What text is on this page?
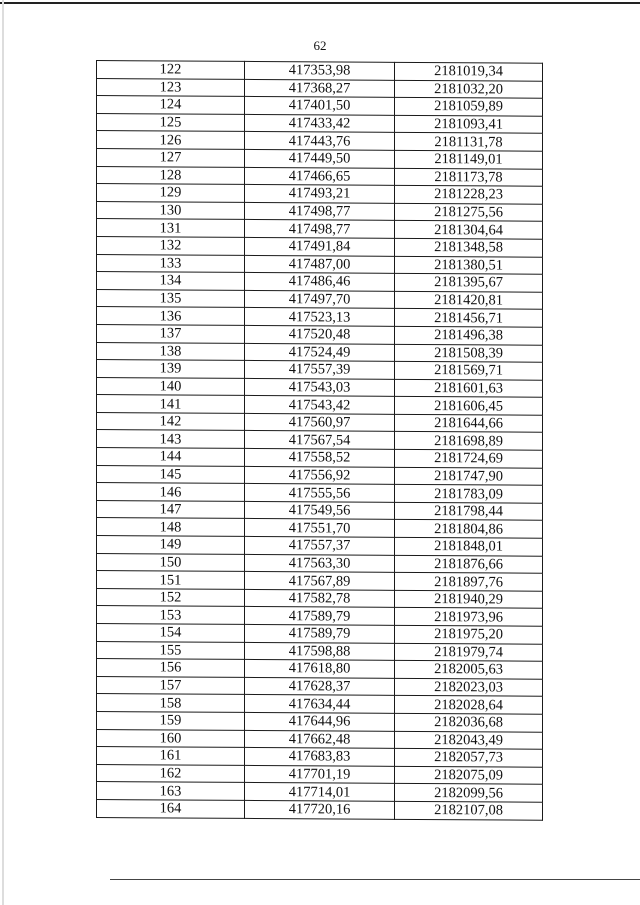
62
122	417353,98	2181019,34
123	417368,27	2181032,20
124	417401,50	2181059,89
125	417433,42	2181093,41
126	417443,76	2181131,78
127	417449,50	2181149,01
128	417466,65	2181173,78
129	417493,21	2181228,23
130	417498,77	2181275,56
131	417498,77	2181304,64
132	417491,84	2181348,58
133	417487,00	2181380,51
134	417486,46	2181395,67
135	417497,70	2181420,81
136	417523,13	2181456,71
137	417520,48	2181496,38
138	417524,49	2181508,39
139	417557,39	2181569,71
140	417543,03	2181601,63
141	417543,42	2181606,45
142	417560,97	2181644,66
143	417567,54	2181698,89
144	417558,52	2181724,69
145	417556,92	2181747,90
146	417555,56	2181783,09
147	417549,56	2181798,44
148	417551,70	2181804,86
149	417557,37	2181848,01
150	417563,30	2181876,66
151	417567,89	2181897,76
152	417582,78	2181940,29
153	417589,79	2181973,96
154	417589,79	2181975,20
155	417598,88	2181979,74
156	417618,80	2182005,63
157	417628,37	2182023,03
158	417634,44	2182028,64
159	417644,96	2182036,68
160	417662,48	2182043,49
161	417683,83	2182057,73
162	417701,19	2182075,09
163	417714,01	2182099,56
164	417720,16	2182107,08
